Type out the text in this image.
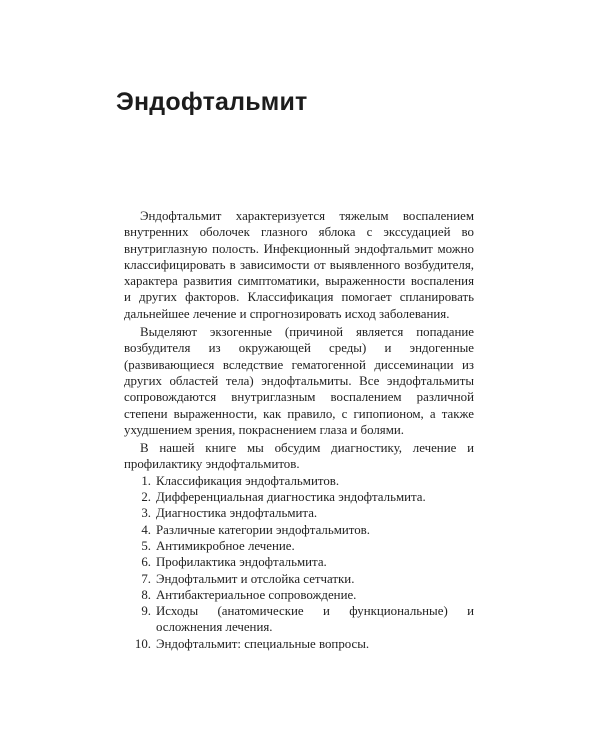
Эндофтальмит

Эндофтальмит характеризуется тяжелым воспалением внутренних оболочек глазного яблока с экссудацией во внутриглазную полость. Инфекционный эндофтальмит можно классифицировать в зависимости от выявленного возбудителя, характера развития симптоматики, выраженности воспаления и других факторов. Классификация помогает спланировать дальнейшее лечение и спрогнозировать исход заболевания.

Выделяют экзогенные (причиной является попадание возбудителя из окружающей среды) и эндогенные (развивающиеся вследствие гематогенной диссеминации из других областей тела) эндофтальмиты. Все эндофтальмиты сопровождаются внутриглазным воспалением различной степени выраженности, как правило, с гипопионом, а также ухудшением зрения, покраснением глаза и болями.

В нашей книге мы обсудим диагностику, лечение и профилактику эндофтальмитов.

1. Классификация эндофтальмитов.
2. Дифференциальная диагностика эндофтальмита.
3. Диагностика эндофтальмита.
4. Различные категории эндофтальмитов.
5. Антимикробное лечение.
6. Профилактика эндофтальмита.
7. Эндофтальмит и отслойка сетчатки.
8. Антибактериальное сопровождение.
9. Исходы (анатомические и функциональные) и осложнения лечения.
10. Эндофтальмит: специальные вопросы.
